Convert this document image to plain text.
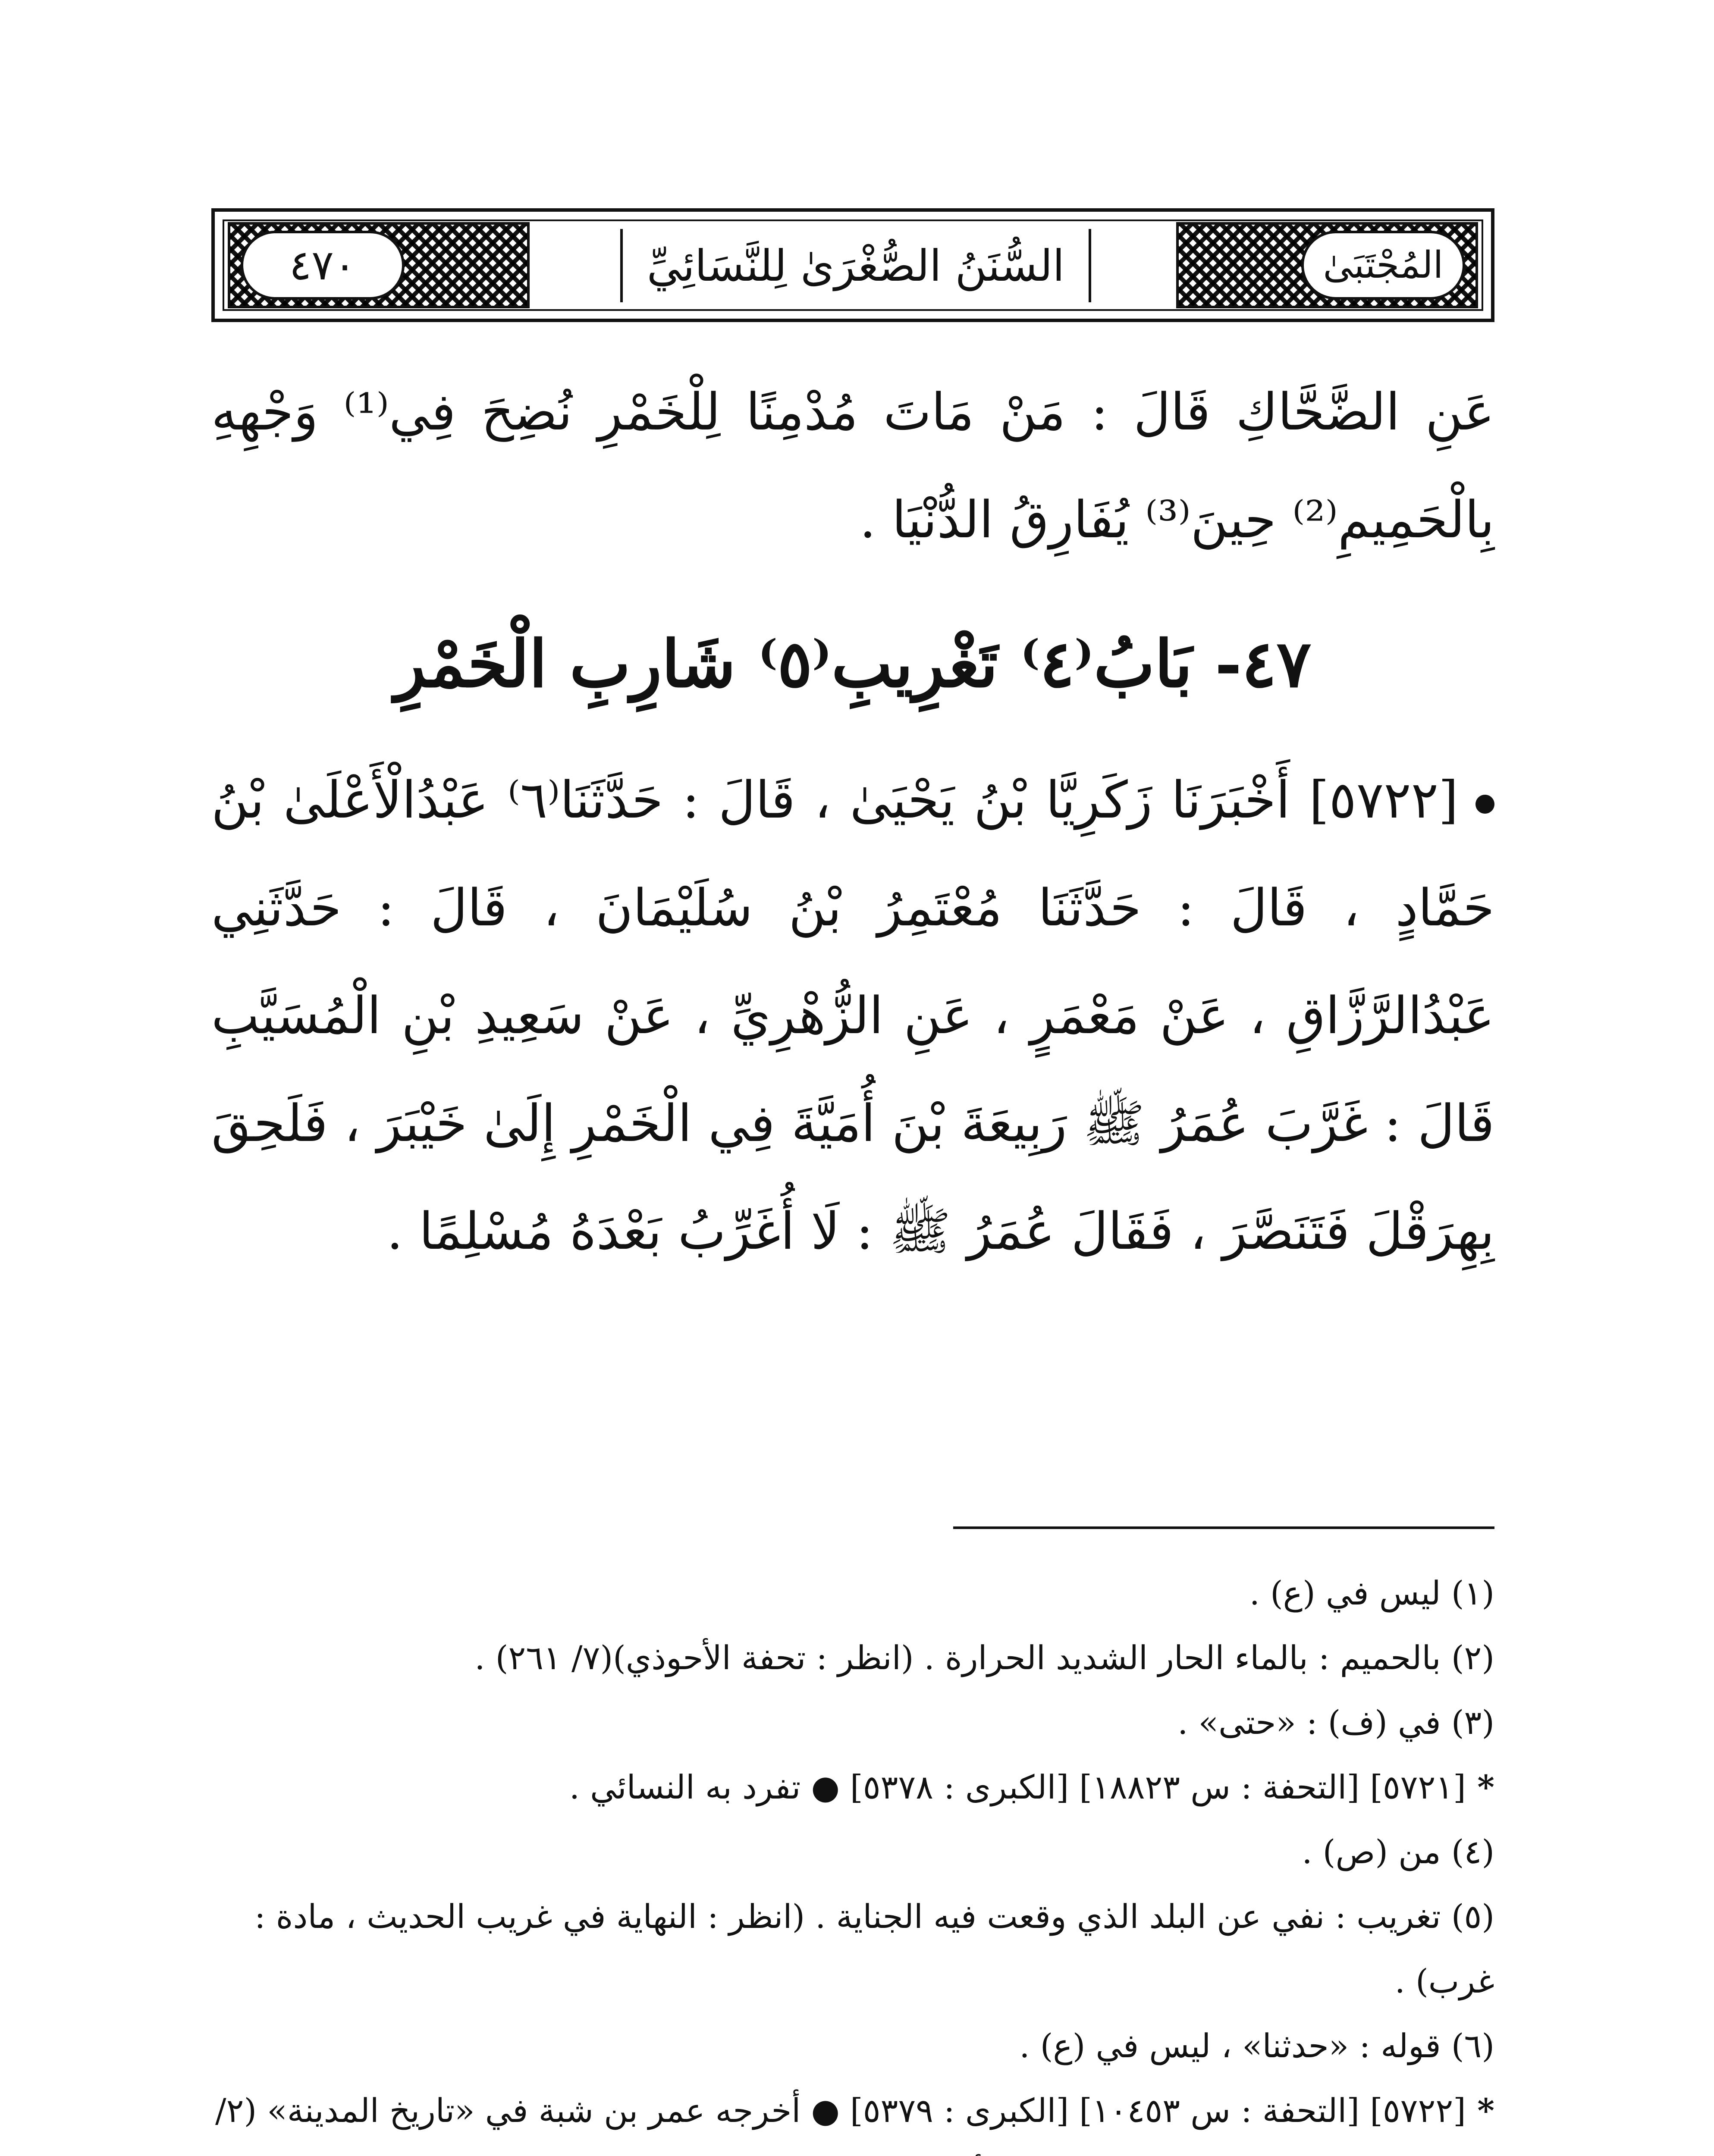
٤٧٠	السُّنَنُ الصُّغْرَىٰ لِلنَّسَائِيِّ	المُجْتَبَىٰ

عَنِ الضَّحَّاكِ قَالَ : مَنْ مَاتَ مُدْمِنًا لِلْخَمْرِ نُضِحَ فِي⁽¹⁾ وَجْهِهِ بِالْحَمِيمِ⁽²⁾ حِينَ⁽³⁾ يُفَارِقُ الدُّنْيَا .

٤٧- بَابُ⁽٤⁾ تَغْرِيبِ⁽٥⁾ شَارِبِ الْخَمْرِ

[٥٧٢٢] أَخْبَرَنَا زَكَرِيَّا بْنُ يَحْيَىٰ ، قَالَ : حَدَّثَنَا⁽٦⁾ عَبْدُالْأَعْلَىٰ بْنُ حَمَّادٍ ، قَالَ : حَدَّثَنَا مُعْتَمِرُ بْنُ سُلَيْمَانَ ، قَالَ : حَدَّثَنِي عَبْدُالرَّزَّاقِ ، عَنْ مَعْمَرٍ ، عَنِ الزُّهْرِيِّ ، عَنْ سَعِيدِ بْنِ الْمُسَيَّبِ قَالَ : غَرَّبَ عُمَرُ ﷺ رَبِيعَةَ بْنَ أُمَيَّةَ فِي الْخَمْرِ إِلَىٰ خَيْبَرَ ، فَلَحِقَ بِهِرَقْلَ فَتَنَصَّرَ ، فَقَالَ عُمَرُ ﷺ : لَا أُغَرِّبُ بَعْدَهُ مُسْلِمًا .

(١) ليس في (ع) .

(٢) بالحميم : بالماء الحار الشديد الحرارة . (انظر : تحفة الأحوذي)(٧/ ٢٦١) .

(٣) في (ف) : «حتى» .

* [٥٧٢١] [التحفة : س ١٨٨٢٣] [الكبرى : ٥٣٧٨] ● تفرد به النسائي .

(٤) من (ص) .

(٥) تغريب : نفي عن البلد الذي وقعت فيه الجناية . (انظر : النهاية في غريب الحديث ، مادة : غرب) .

(٦) قوله : «حدثنا» ، ليس في (ع) .

* [٥٧٢٢] [التحفة : س ١٠٤٥٣] [الكبرى : ٥٣٧٩] ● أخرجه عمر بن شبة في «تاريخ المدينة» (٢/
